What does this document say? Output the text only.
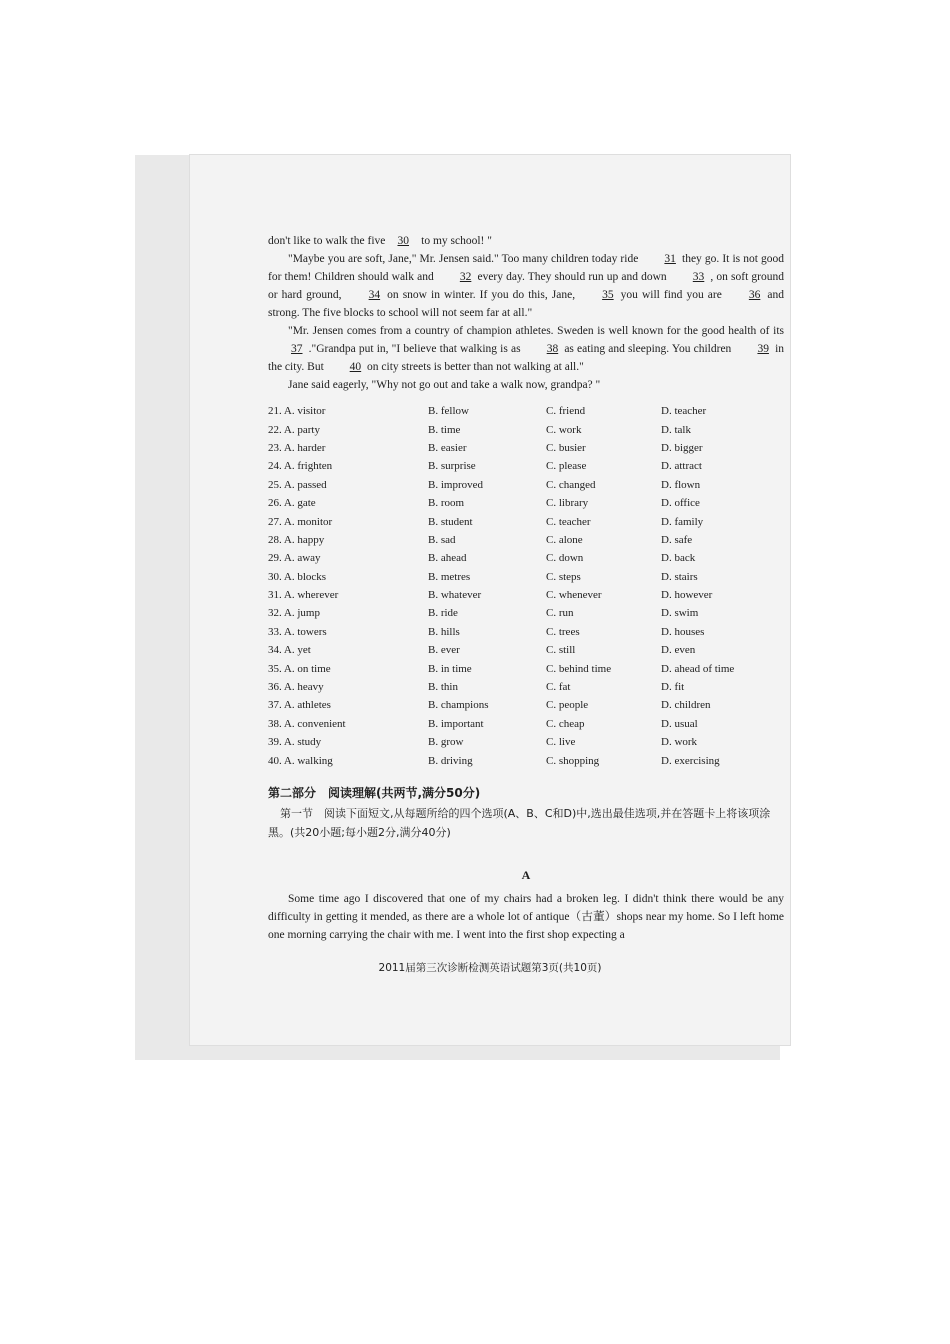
don't like to walk the five 30 to my school! "

"Maybe you are soft, Jane," Mr. Jensen said." Too many children today ride 31 they go. It is not good for them! Children should walk and 32 every day. They should run up and down 33 , on soft ground or hard ground, 34 on snow in winter. If you do this, Jane, 35 you will find you are 36 and strong. The five blocks to school will not seem far at all."

"Mr. Jensen comes from a country of champion athletes. Sweden is well known for the good health of its 37 ."Grandpa put in, "I believe that walking is as 38 as eating and sleeping. You children 39 in the city. But 40 on city streets is better than not walking at all."

Jane said eagerly, "Why not go out and take a walk now, grandpa? "

21. A. visitor	B. fellow	C. friend	D. teacher
22. A. party	B. time	C. work	D. talk
23. A. harder	B. easier	C. busier	D. bigger
24. A. frighten	B. surprise	C. please	D. attract
25. A. passed	B. improved	C. changed	D. flown
26. A. gate	B. room	C. library	D. office
27. A. monitor	B. student	C. teacher	D. family
28. A. happy	B. sad	C. alone	D. safe
29. A. away	B. ahead	C. down	D. back
30. A. blocks	B. metres	C. steps	D. stairs
31. A. wherever	B. whatever	C. whenever	D. however
32. A. jump	B. ride	C. run	D. swim
33. A. towers	B. hills	C. trees	D. houses
34. A. yet	B. ever	C. still	D. even
35. A. on time	B. in time	C. behind time	D. ahead of time
36. A. heavy	B. thin	C. fat	D. fit
37. A. athletes	B. champions	C. people	D. children
38. A. convenient	B. important	C. cheap	D. usual
39. A. study	B. grow	C. live	D. work
40. A. walking	B. driving	C. shopping	D. exercising
第二部分　阅读理解(共两节,满分50分)
第一节　阅读下面短文,从每题所给的四个选项(A、B、C和D)中,选出最佳选项,并在答题卡上将该项涂黑。(共20小题;每小题2分,满分40分)
A

Some time ago I discovered that one of my chairs had a broken leg. I didn't think there would be any difficulty in getting it mended, as there are a whole lot of antique（古董）shops near my home. So I left home one morning carrying the chair with me. I went into the first shop expecting a

2011届第三次诊断检测英语试题第3页(共10页)
